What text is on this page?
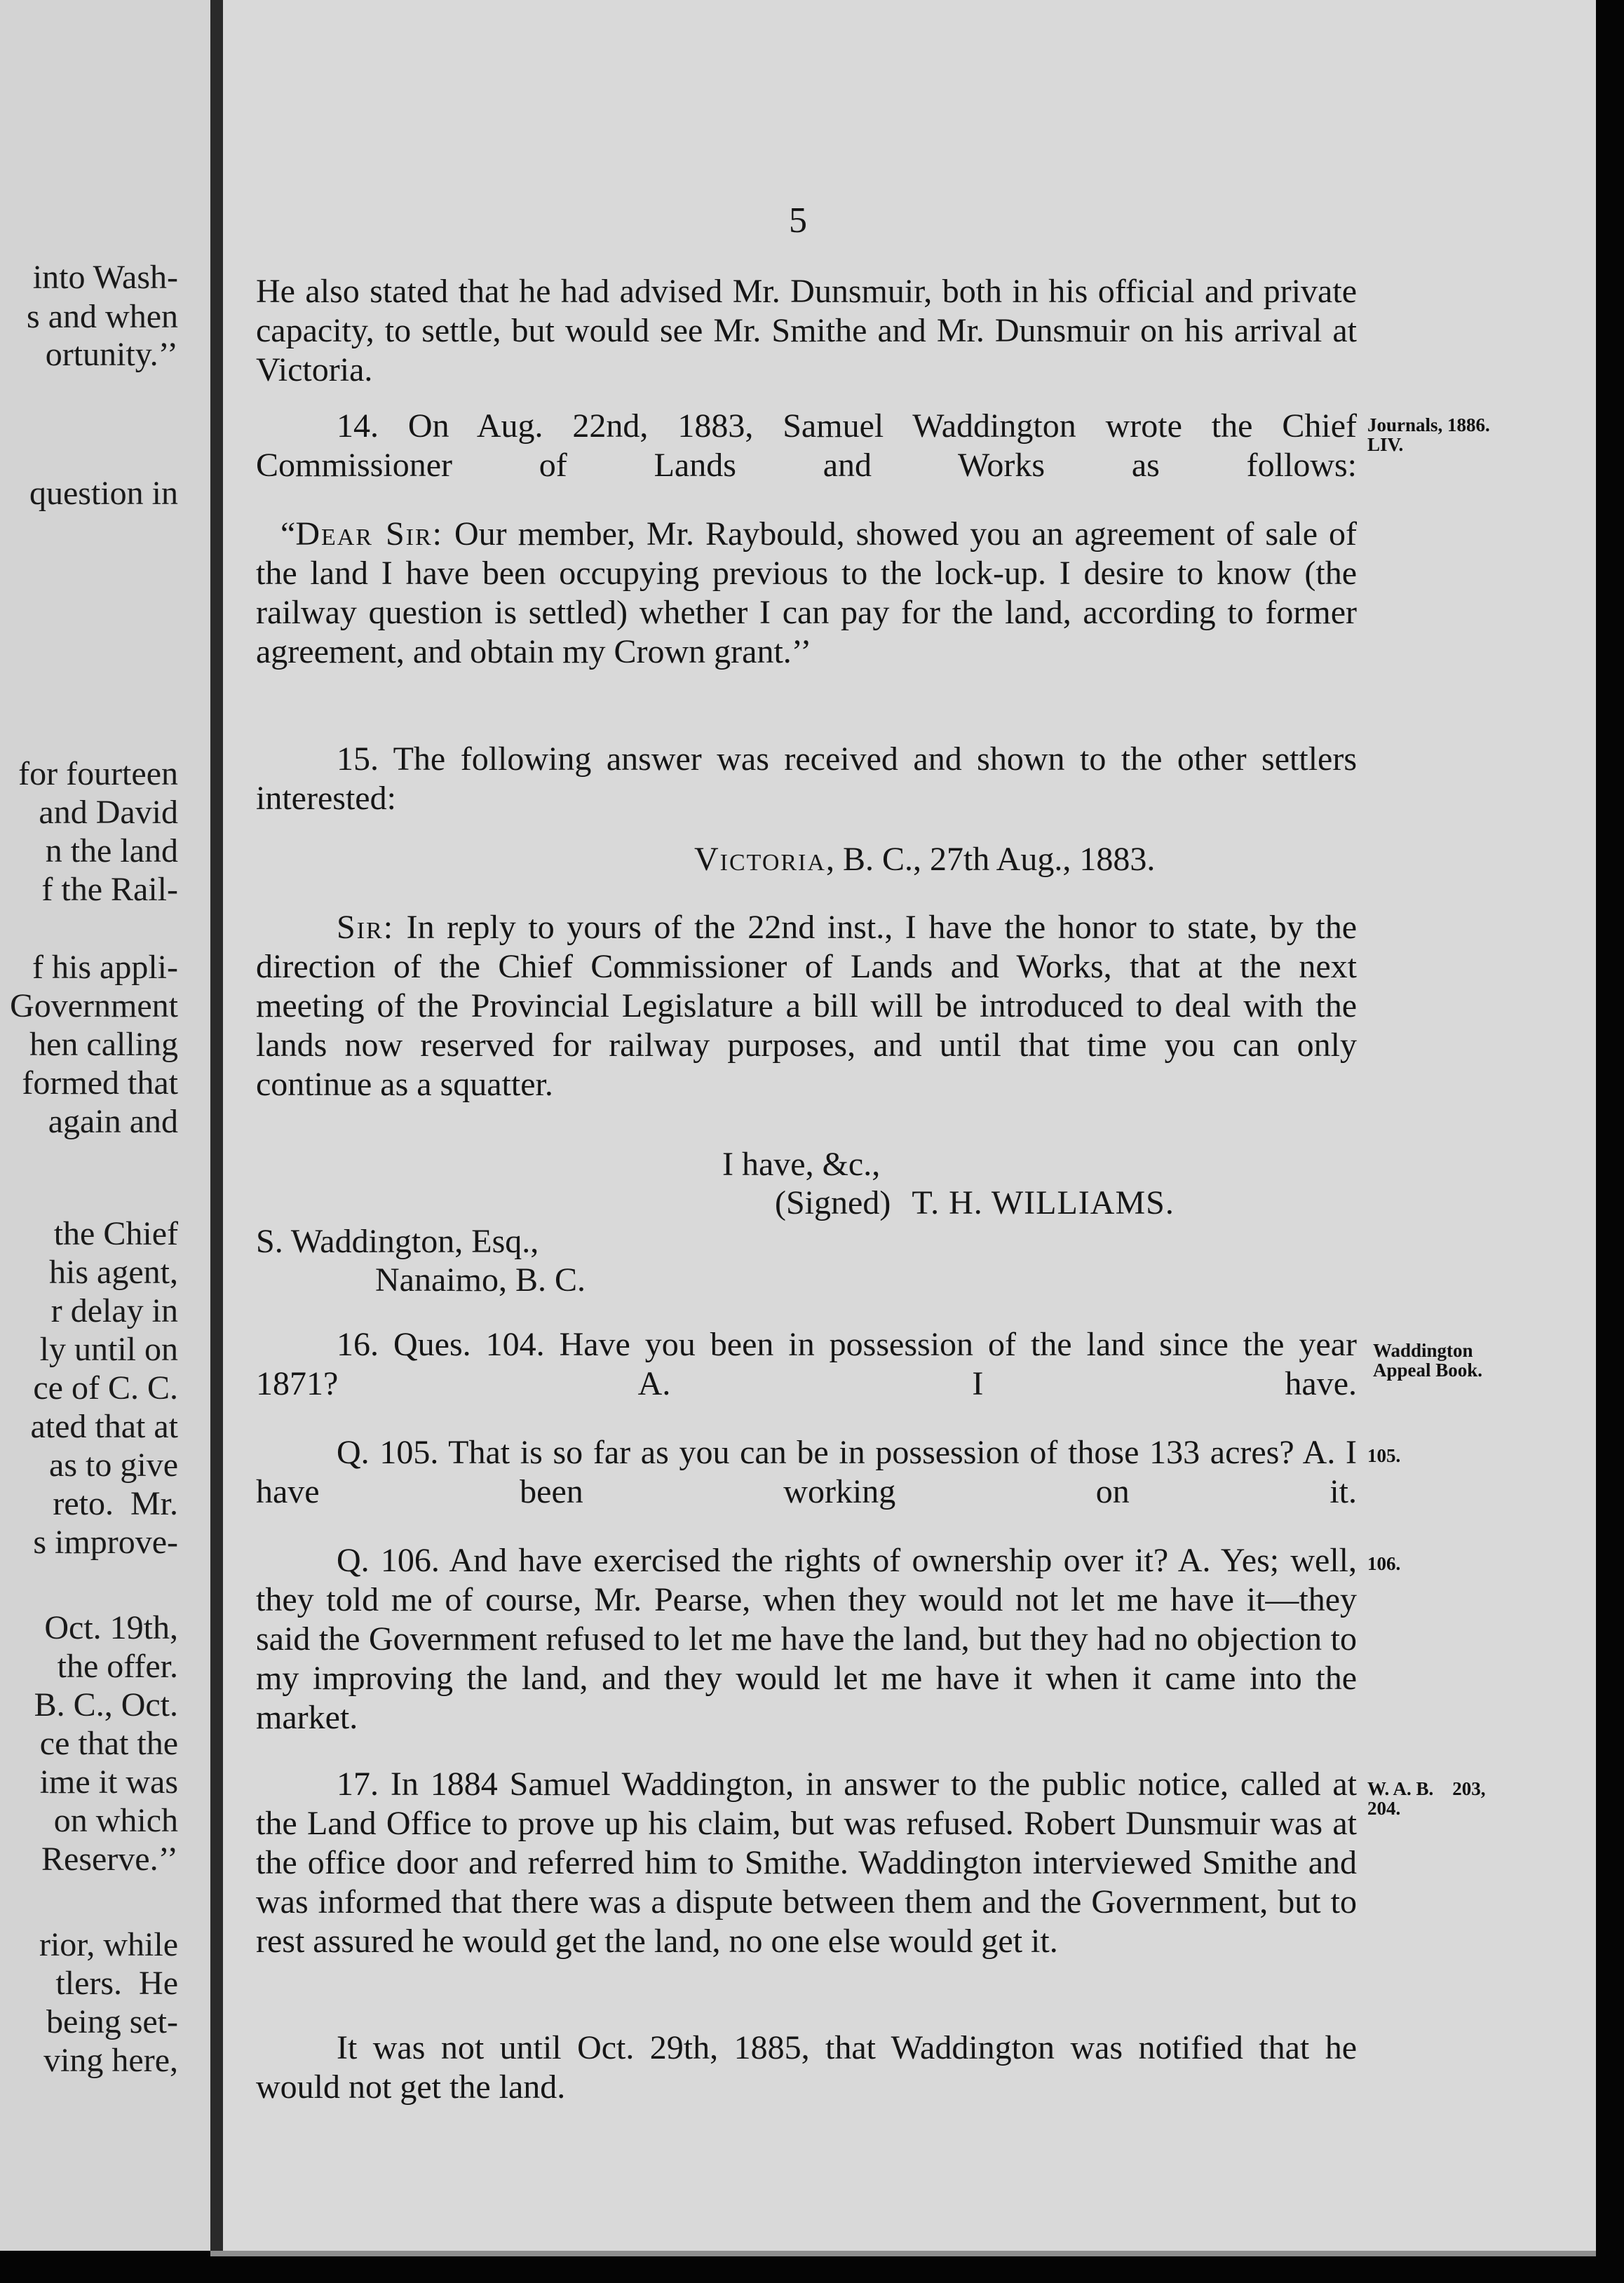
into Wash-
s and when
ortunity.’’
question in
for fourteen
and David
n the land
f the Rail-
f his appli-
Government
hen calling
formed that
again and
the Chief
his agent,
r delay in
ly until on
ce of C. C.
ated that at
as to give
reto.  Mr.
s improve-
Oct. 19th,
the offer.
B. C., Oct.
ce that the
ime it was
on which
Reserve.’’
rior, while
tlers.  He
being set-
ving here,
5
He also stated that he had advised Mr. Dunsmuir, both in his official and private capacity, to settle, but would see Mr. Smithe and Mr. Dunsmuir on his arrival at Victoria.
14. On Aug. 22nd, 1883, Samuel Waddington wrote the Chief Commissioner of Lands and Works as follows:
“Dear Sir: Our member, Mr. Raybould, showed you an agreement of sale of the land I have been occupying previous to the lock-up. I desire to know (the railway question is settled) whether I can pay for the land, according to former agreement, and obtain my Crown grant.’’
15. The following answer was received and shown to the other settlers interested:
Victoria, B. C., 27th Aug., 1883.
Sir: In reply to yours of the 22nd inst., I have the honor to state, by the direction of the Chief Commissioner of Lands and Works, that at the next meeting of the Provincial Legislature a bill will be introduced to deal with the lands now reserved for railway purposes, and until that time you can only continue as a squatter.
I have, &c.,
(Signed) T. H. WILLIAMS.
S. Waddington, Esq.,
Nanaimo, B. C.
16. Ques. 104. Have you been in possession of the land since the year 1871? A. I have.
Q. 105. That is so far as you can be in possession of those 133 acres? A. I have been working on it.
Q. 106. And have exercised the rights of ownership over it? A. Yes; well, they told me of course, Mr. Pearse, when they would not let me have it—they said the Government refused to let me have the land, but they had no objection to my improving the land, and they would let me have it when it came into the market.
17. In 1884 Samuel Waddington, in answer to the public notice, called at the Land Office to prove up his claim, but was refused. Robert Dunsmuir was at the office door and referred him to Smithe. Waddington interviewed Smithe and was informed that there was a dispute between them and the Government, but to rest assured he would get the land, no one else would get it.
It was not until Oct. 29th, 1885, that Waddington was notified that he would not get the land.
Journals, 1886.
LIV.
Waddington
Appeal Book.
105.
106.
W. A. B.    203,
204.
